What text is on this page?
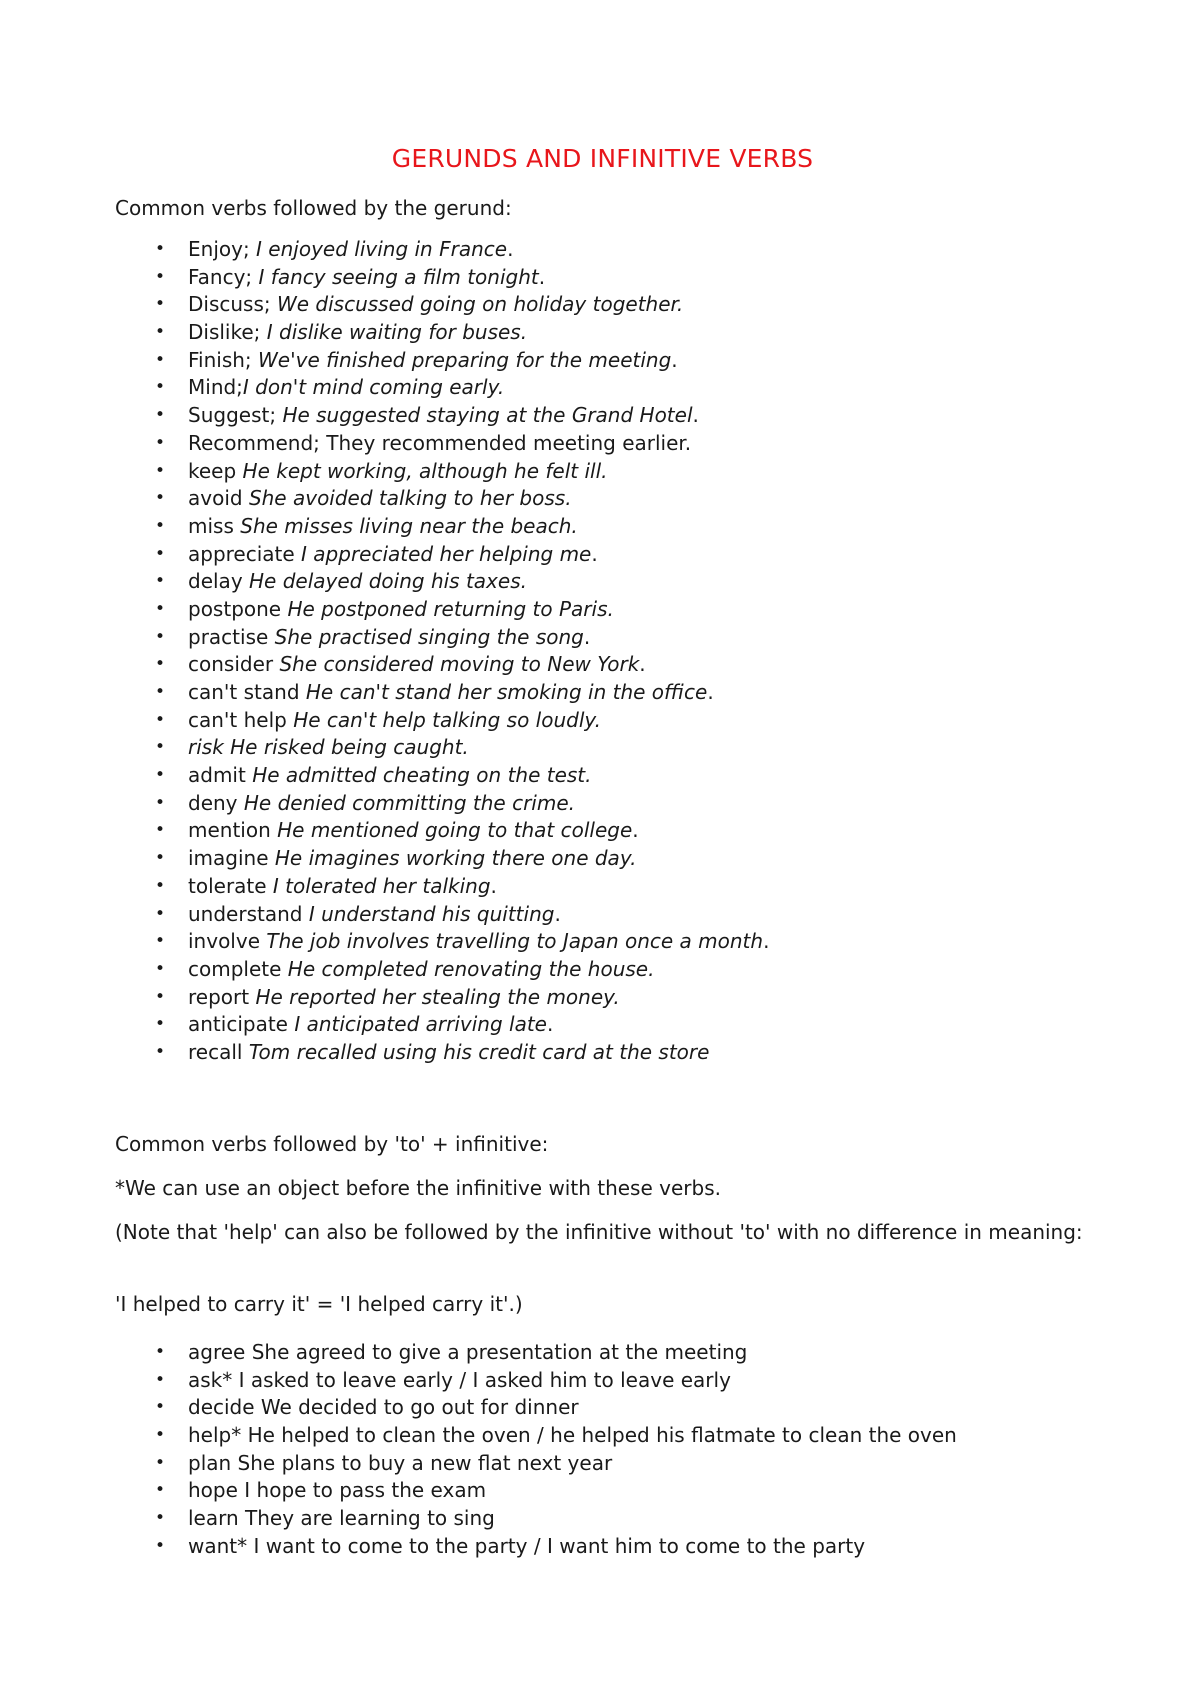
GERUNDS AND INFINITIVE VERBS
Common verbs followed by the gerund:
• Enjoy; I enjoyed living in France.
• Fancy; I fancy seeing a film tonight.
• Discuss; We discussed going on holiday together.
• Dislike; I dislike waiting for buses.
• Finish; We've finished preparing for the meeting.
• Mind;I don't mind coming early.
• Suggest; He suggested staying at the Grand Hotel.
• Recommend; They recommended meeting earlier.
• keep He kept working, although he felt ill.
• avoid She avoided talking to her boss.
• miss She misses living near the beach.
• appreciate I appreciated her helping me.
• delay He delayed doing his taxes.
• postpone He postponed returning to Paris.
• practise She practised singing the song.
• consider She considered moving to New York.
• can't stand He can't stand her smoking in the office.
• can't help He can't help talking so loudly.
• risk He risked being caught.
• admit He admitted cheating on the test.
• deny He denied committing the crime.
• mention He mentioned going to that college.
• imagine He imagines working there one day.
• tolerate I tolerated her talking.
• understand I understand his quitting.
• involve The job involves travelling to Japan once a month.
• complete He completed renovating the house.
• report He reported her stealing the money.
• anticipate I anticipated arriving late.
• recall Tom recalled using his credit card at the store
Common verbs followed by 'to' + infinitive:
*We can use an object before the infinitive with these verbs.
(Note that 'help' can also be followed by the infinitive without 'to' with no difference in meaning:
'I helped to carry it' = 'I helped carry it'.)
• agree She agreed to give a presentation at the meeting
• ask* I asked to leave early / I asked him to leave early
• decide We decided to go out for dinner
• help* He helped to clean the oven / he helped his flatmate to clean the oven
• plan She plans to buy a new flat next year
• hope I hope to pass the exam
• learn They are learning to sing
• want* I want to come to the party / I want him to come to the party
